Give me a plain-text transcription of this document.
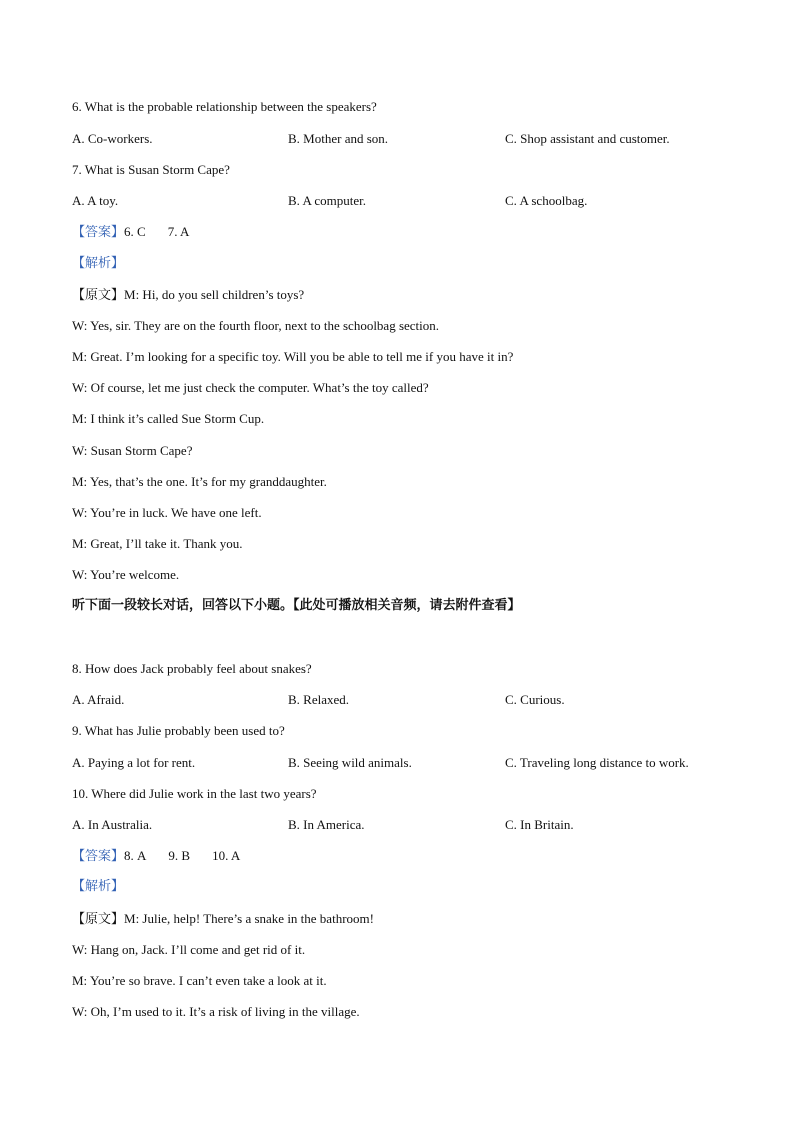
6. What is the probable relationship between the speakers?
A. Co-workers.	B. Mother and son.	C. Shop assistant and customer.
7. What is Susan Storm Cape?
A. A toy.	B. A computer.	C. A schoolbag.
【答案】6. C 7. A
【解析】
【原文】M: Hi, do you sell children’s toys?
W: Yes, sir. They are on the fourth floor, next to the schoolbag section.
M: Great. I’m looking for a specific toy. Will you be able to tell me if you have it in?
W: Of course, let me just check the computer. What’s the toy called?
M: I think it’s called Sue Storm Cup.
W: Susan Storm Cape?
M: Yes, that’s the one. It’s for my granddaughter.
W: You’re in luck. We have one left.
M: Great, I’ll take it. Thank you.
W: You’re welcome.
听下面一段较长对话，回答以下小题。【此处可播放相关音频，请去附件查看】
8. How does Jack probably feel about snakes?
A. Afraid.	B. Relaxed.	C. Curious.
9. What has Julie probably been used to?
A. Paying a lot for rent.	B. Seeing wild animals.	C. Traveling long distance to work.
10. Where did Julie work in the last two years?
A. In Australia.	B. In America.	C. In Britain.
【答案】8. A 9. B 10. A
【解析】
【原文】M: Julie, help! There’s a snake in the bathroom!
W: Hang on, Jack. I’ll come and get rid of it.
M: You’re so brave. I can’t even take a look at it.
W: Oh, I’m used to it. It’s a risk of living in the village.
